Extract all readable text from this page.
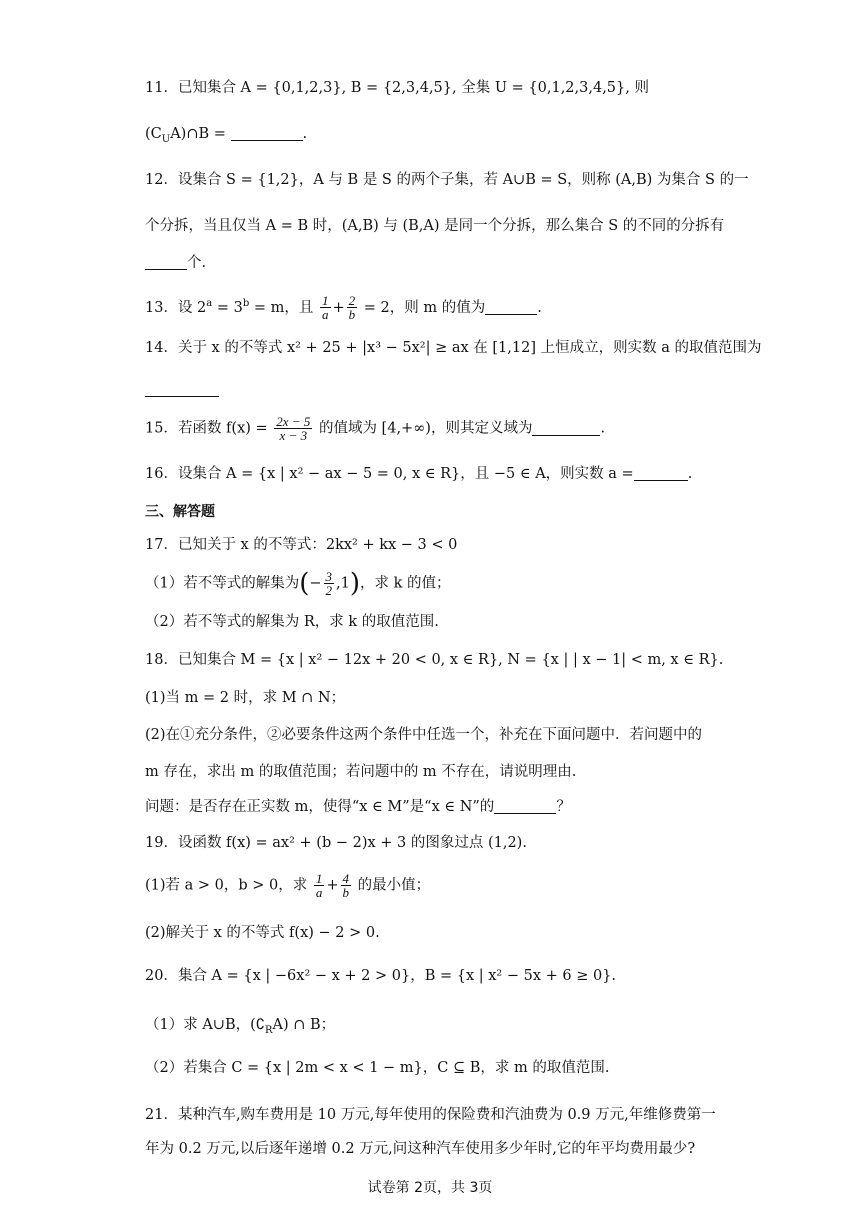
11．已知集合 A = {0,1,2,3}, B = {2,3,4,5}, 全集 U = {0,1,2,3,4,5}, 则
$(C_UA)\cap B$ =	.
12．设集合 S = {1,2}，A 与 B 是 S 的两个子集，若 A∪B = S，则称 (A,B) 为集合 S 的一
个分拆，当且仅当 A = B 时，(A,B) 与 (B,A) 是同一个分拆，那么集合 S 的不同的分拆有
个.
13．设 $2^a = 3^b = m$，且 $\frac{1}{a} + \frac{2}{b} = 2$，则 m 的值为	.
14．关于 x 的不等式 x² + 25 + |x³ − 5x²| ≥ ax 在 [1,12] 上恒成立，则实数 a 的取值范围为
15．若函数 $f(x) = \frac{2x - 5}{x - 3}$ 的值域为 [4,+∞)，则其定义域为	.
16．设集合 A = {x | x² − ax − 5 = 0, x ∈ R}，且 −5 ∈ A，则实数 a =	.
三、解答题
17．已知关于 x 的不等式：2kx² + kx − 3 < 0
（1）若不等式的解集为(− $\frac{3}{2} ,1$)，求 k 的值；
（2）若不等式的解集为 R，求 k 的取值范围.
18．已知集合 M = {x | x² − 12x + 20 < 0, x ∈ R}, N = {x | | x − 1| < m, x ∈ R}.
(1)当 m = 2 时，求 M ∩ N；
(2)在①充分条件，②必要条件这两个条件中任选一个，补充在下面问题中．若问题中的
m 存在，求出 m 的取值范围；若问题中的 m 不存在，请说明理由.
问题：是否存在正实数 m，使得“x ∈ M”是“x ∈ N”的	？
19．设函数 f(x) = ax² + (b − 2)x + 3 的图象过点 (1,2).
(1)若 a > 0，b > 0，求 $\frac{1}{a} + \frac{4}{b}$ 的最小值；
(2)解关于 x 的不等式 f(x) − 2 > 0.
20．集合 A = {x | −6x² − x + 2 > 0}，B = {x | x² − 5x + 6 ≥ 0}.
（1）求 A∪B，$(∁_RA)$ ∩ B；
（2）若集合 C = {x | 2m < x < 1 − m}，C ⊆ B，求 m 的取值范围.
21．某种汽车,购车费用是 10 万元,每年使用的保险费和汽油费为 0.9 万元,年维修费第一
年为 0.2 万元,以后逐年递增 0.2 万元,问这种汽车使用多少年时,它的年平均费用最少?
试卷第 2页，共 3页
